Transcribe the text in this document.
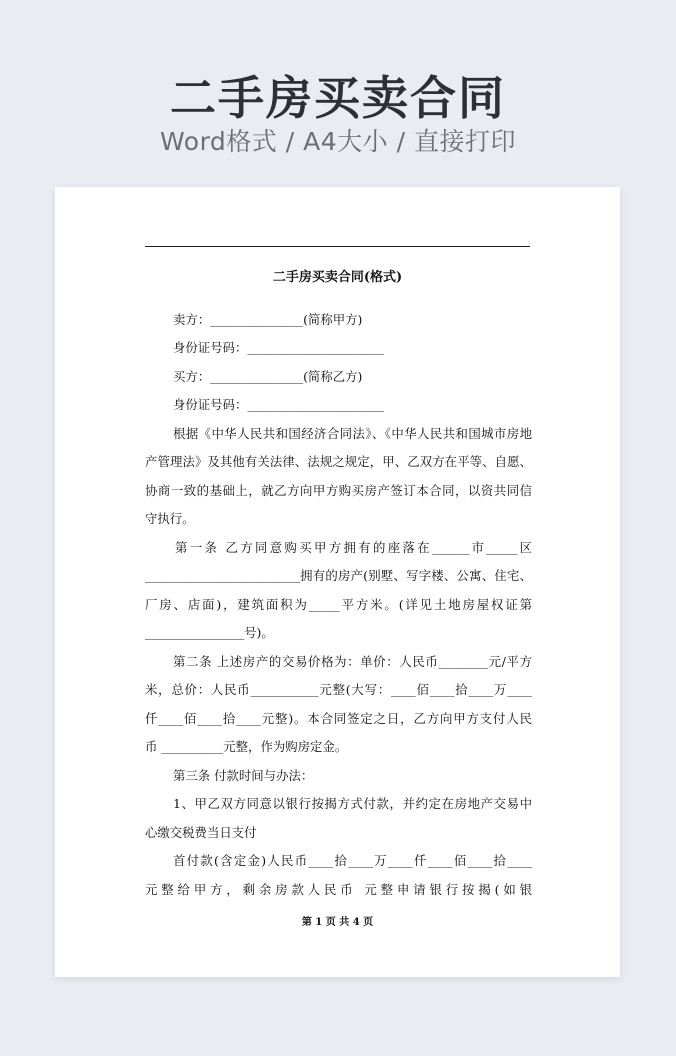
二手房买卖合同
Word格式 / A4大小 / 直接打印
二手房买卖合同(格式)
卖方：_______________(简称甲方)
身份证号码：______________________
买方：_______________(简称乙方)
身份证号码：______________________
根据《中华人民共和国经济合同法》、《中华人民共和国城市房地
产管理法》及其他有关法律、法规之规定，甲、乙双方在平等、自愿、
协商一致的基础上，就乙方向甲方购买房产签订本合同，以资共同信
守执行。
第一条 乙方同意购买甲方拥有的座落在______市_____区
_________________________拥有的房产(别墅、写字楼、公寓、住宅、
厂房、店面)，建筑面积为_____平方米。(详见土地房屋权证第
________________号)。
第二条 上述房产的交易价格为：单价：人民币________元/平方
米，总价：人民币___________元整(大写：____佰____拾____万____
仟____佰____拾____元整)。本合同签定之日，乙方向甲方支付人民
币 __________元整，作为购房定金。
第三条 付款时间与办法：
1、甲乙双方同意以银行按揭方式付款，并约定在房地产交易中
心缴交税费当日支付
首付款(含定金)人民币____拾____万____仟____佰____拾____
元整给甲方，剩余房款人民币 元整申请银行按揭(如银
第 1 页 共 4 页
